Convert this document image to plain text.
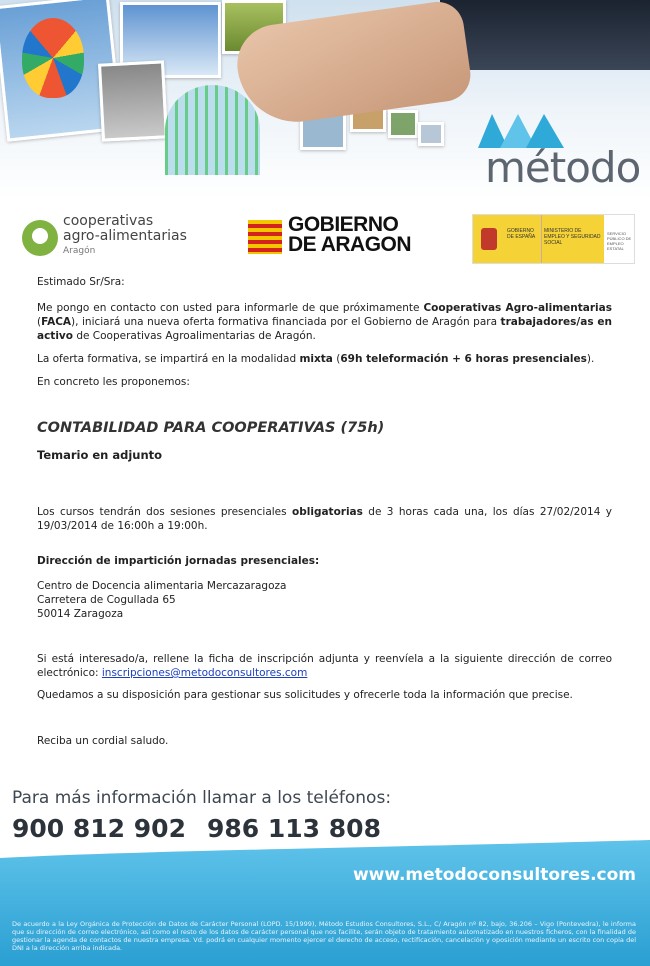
método
cooperativas
agro-alimentarias
Aragón
GOBIERNO
DE ARAGON
GOBIERNO DE ESPAÑA
MINISTERIO DE EMPLEO Y SEGURIDAD SOCIAL
SERVICIO PÚBLICO DE EMPLEO ESTATAL

Estimado Sr/Sra:

Me pongo en contacto con usted para informarle de que próximamente Cooperativas Agro-alimentarias (FACA), iniciará una nueva oferta formativa financiada por el Gobierno de Aragón para trabajadores/as en activo de Cooperativas Agroalimentarias de Aragón.

La oferta formativa, se impartirá en la modalidad mixta (69h teleformación + 6 horas presenciales).

En concreto les proponemos:

CONTABILIDAD PARA COOPERATIVAS (75h)
Temario en adjunto
Los cursos tendrán dos sesiones presenciales obligatorias de 3 horas cada una, los días 27/02/2014 y 19/03/2014 de 16:00h a 19:00h.
Dirección de impartición jornadas presenciales:
Centro de Docencia alimentaria Mercazaragoza
Carretera de Cogullada 65
50014 Zaragoza
Si está interesado/a, rellene la ficha de inscripción adjunta y reenvíela a la siguiente dirección de correo electrónico: inscripciones@metodoconsultores.com
Quedamos a su disposición para gestionar sus solicitudes y ofrecerle toda la información que precise.
Reciba un cordial saludo.
Para más información llamar a los teléfonos:
900 812 902 986 113 808
www.metodoconsultores.com
De acuerdo a la Ley Orgánica de Protección de Datos de Carácter Personal (LOPD. 15/1999), Método Estudios Consultores, S.L., C/ Aragón nº 82, bajo, 36.206 – Vigo (Pontevedra), le informa que su dirección de correo electrónico, así como el resto de los datos de carácter personal que nos facilite, serán objeto de tratamiento automatizado en nuestros ficheros, con la finalidad de gestionar la agenda de contactos de nuestra empresa. Vd. podrá en cualquier momento ejercer el derecho de acceso, rectificación, cancelación y oposición mediante un escrito con copia del DNI a la dirección arriba indicada.
